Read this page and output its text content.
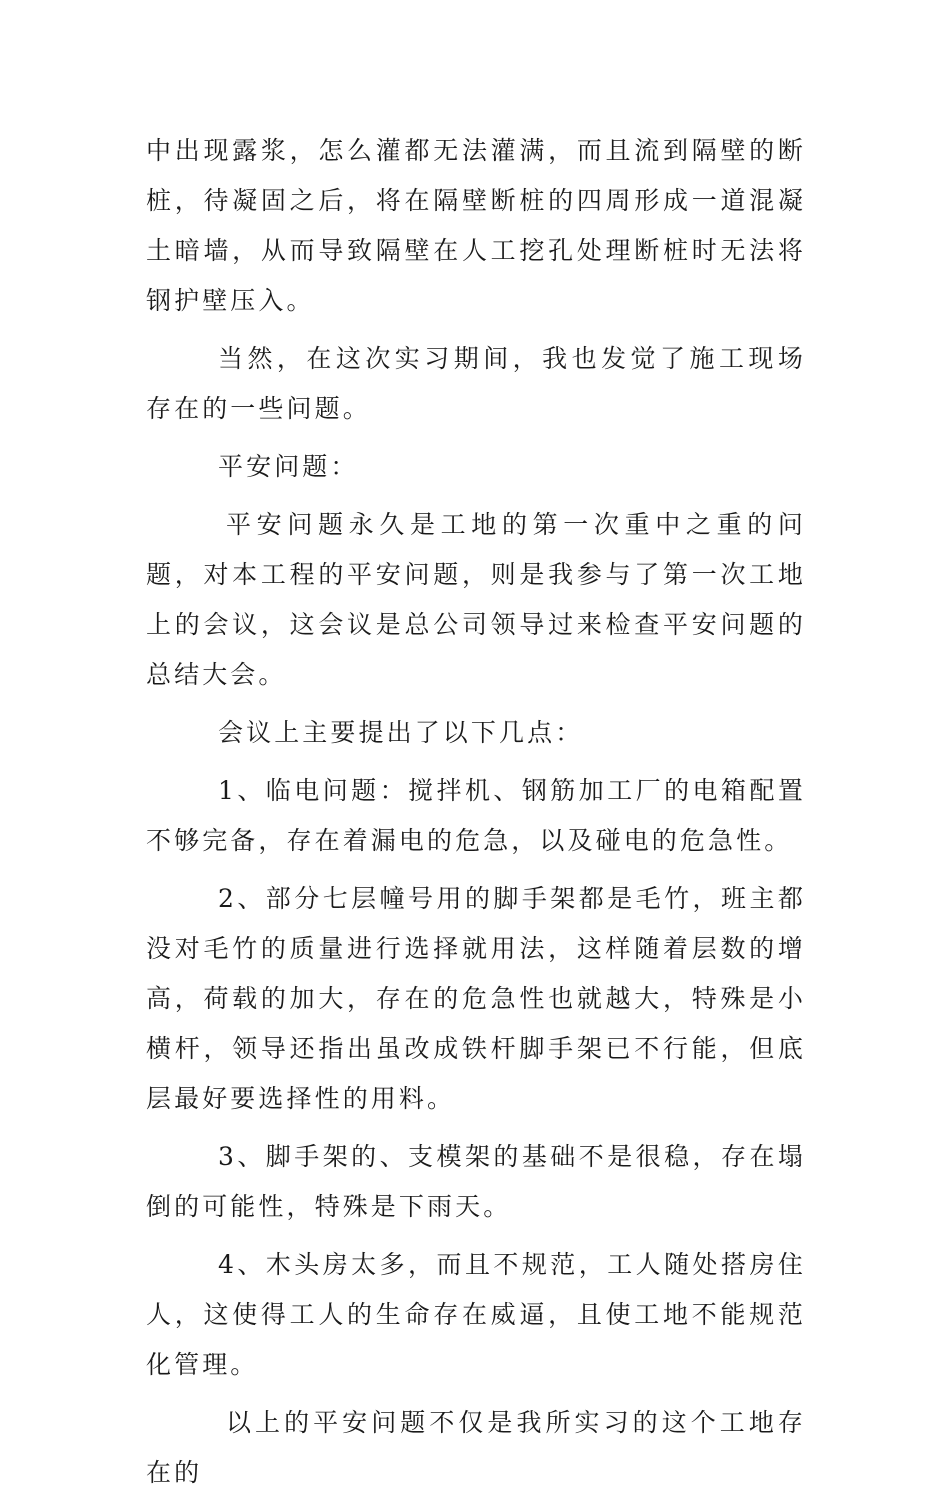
中出现露浆，怎么灌都无法灌满，而且流到隔壁的断桩，待凝固之后，将在隔壁断桩的四周形成一道混凝土暗墙，从而导致隔壁在人工挖孔处理断桩时无法将钢护壁压入。

当然，在这次实习期间，我也发觉了施工现场存在的一些问题。

平安问题：

平安问题永久是工地的第一次重中之重的问题，对本工程的平安问题，则是我参与了第一次工地上的会议，这会议是总公司领导过来检查平安问题的总结大会。

会议上主要提出了以下几点：

1、临电问题：搅拌机、钢筋加工厂的电箱配置不够完备，存在着漏电的危急，以及碰电的危急性。

2、部分七层幢号用的脚手架都是毛竹，班主都没对毛竹的质量进行选择就用法，这样随着层数的增高，荷载的加大，存在的危急性也就越大，特殊是小横杆，领导还指出虽改成铁杆脚手架已不行能，但底层最好要选择性的用料。

3、脚手架的、支模架的基础不是很稳，存在塌倒的可能性，特殊是下雨天。

4、木头房太多，而且不规范，工人随处搭房住人，这使得工人的生命存在威逼，且使工地不能规范化管理。

以上的平安问题不仅是我所实习的这个工地存在的
